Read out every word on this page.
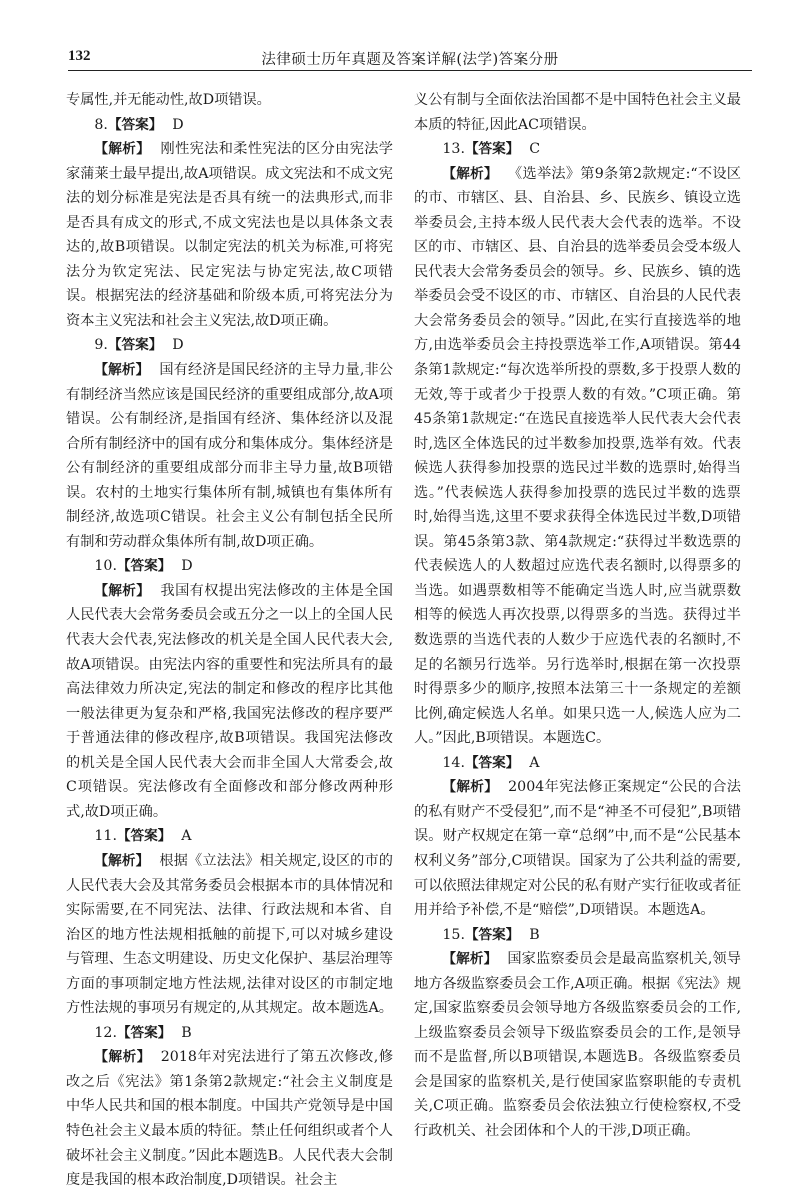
132	法律硕士历年真题及答案详解(法学)答案分册

专属性,并无能动性,故D项错误。

8.【答案】 D

【解析】 刚性宪法和柔性宪法的区分由宪法学家蒲莱士最早提出,故A项错误。成文宪法和不成文宪法的划分标准是宪法是否具有统一的法典形式,而非是否具有成文的形式,不成文宪法也是以具体条文表达的,故B项错误。以制定宪法的机关为标准,可将宪法分为钦定宪法、民定宪法与协定宪法,故C项错误。根据宪法的经济基础和阶级本质,可将宪法分为资本主义宪法和社会主义宪法,故D项正确。

9.【答案】 D

【解析】 国有经济是国民经济的主导力量,非公有制经济当然应该是国民经济的重要组成部分,故A项错误。公有制经济,是指国有经济、集体经济以及混合所有制经济中的国有成分和集体成分。集体经济是公有制经济的重要组成部分而非主导力量,故B项错误。农村的土地实行集体所有制,城镇也有集体所有制经济,故选项C错误。社会主义公有制包括全民所有制和劳动群众集体所有制,故D项正确。

10.【答案】 D

【解析】 我国有权提出宪法修改的主体是全国人民代表大会常务委员会或五分之一以上的全国人民代表大会代表,宪法修改的机关是全国人民代表大会,故A项错误。由宪法内容的重要性和宪法所具有的最高法律效力所决定,宪法的制定和修改的程序比其他一般法律更为复杂和严格,我国宪法修改的程序要严于普通法律的修改程序,故B项错误。我国宪法修改的机关是全国人民代表大会而非全国人大常委会,故C项错误。宪法修改有全面修改和部分修改两种形式,故D项正确。

11.【答案】 A

【解析】 根据《立法法》相关规定,设区的市的人民代表大会及其常务委员会根据本市的具体情况和实际需要,在不同宪法、法律、行政法规和本省、自治区的地方性法规相抵触的前提下,可以对城乡建设与管理、生态文明建设、历史文化保护、基层治理等方面的事项制定地方性法规,法律对设区的市制定地方性法规的事项另有规定的,从其规定。故本题选A。

12.【答案】 B

【解析】 2018年对宪法进行了第五次修改,修改之后《宪法》第1条第2款规定:“社会主义制度是中华人民共和国的根本制度。中国共产党领导是中国特色社会主义最本质的特征。禁止任何组织或者个人破坏社会主义制度。”因此本题选B。人民代表大会制度是我国的根本政治制度,D项错误。社会主

义公有制与全面依法治国都不是中国特色社会主义最本质的特征,因此AC项错误。

13.【答案】 C

【解析】 《选举法》第9条第2款规定:“不设区的市、市辖区、县、自治县、乡、民族乡、镇设立选举委员会,主持本级人民代表大会代表的选举。不设区的市、市辖区、县、自治县的选举委员会受本级人民代表大会常务委员会的领导。乡、民族乡、镇的选举委员会受不设区的市、市辖区、自治县的人民代表大会常务委员会的领导。”因此,在实行直接选举的地方,由选举委员会主持投票选举工作,A项错误。第44条第1款规定:“每次选举所投的票数,多于投票人数的无效,等于或者少于投票人数的有效。”C项正确。第45条第1款规定:“在选民直接选举人民代表大会代表时,选区全体选民的过半数参加投票,选举有效。代表候选人获得参加投票的选民过半数的选票时,始得当选。”代表候选人获得参加投票的选民过半数的选票时,始得当选,这里不要求获得全体选民过半数,D项错误。第45条第3款、第4款规定:“获得过半数选票的代表候选人的人数超过应选代表名额时,以得票多的当选。如遇票数相等不能确定当选人时,应当就票数相等的候选人再次投票,以得票多的当选。获得过半数选票的当选代表的人数少于应选代表的名额时,不足的名额另行选举。另行选举时,根据在第一次投票时得票多少的顺序,按照本法第三十一条规定的差额比例,确定候选人名单。如果只选一人,候选人应为二人。”因此,B项错误。本题选C。

14.【答案】 A

【解析】 2004年宪法修正案规定“公民的合法的私有财产不受侵犯”,而不是“神圣不可侵犯”,B项错误。财产权规定在第一章“总纲”中,而不是“公民基本权利义务”部分,C项错误。国家为了公共利益的需要,可以依照法律规定对公民的私有财产实行征收或者征用并给予补偿,不是“赔偿”,D项错误。本题选A。

15.【答案】 B

【解析】 国家监察委员会是最高监察机关,领导地方各级监察委员会工作,A项正确。根据《宪法》规定,国家监察委员会领导地方各级监察委员会的工作,上级监察委员会领导下级监察委员会的工作,是领导而不是监督,所以B项错误,本题选B。各级监察委员会是国家的监察机关,是行使国家监察职能的专责机关,C项正确。监察委员会依法独立行使检察权,不受行政机关、社会团体和个人的干涉,D项正确。
